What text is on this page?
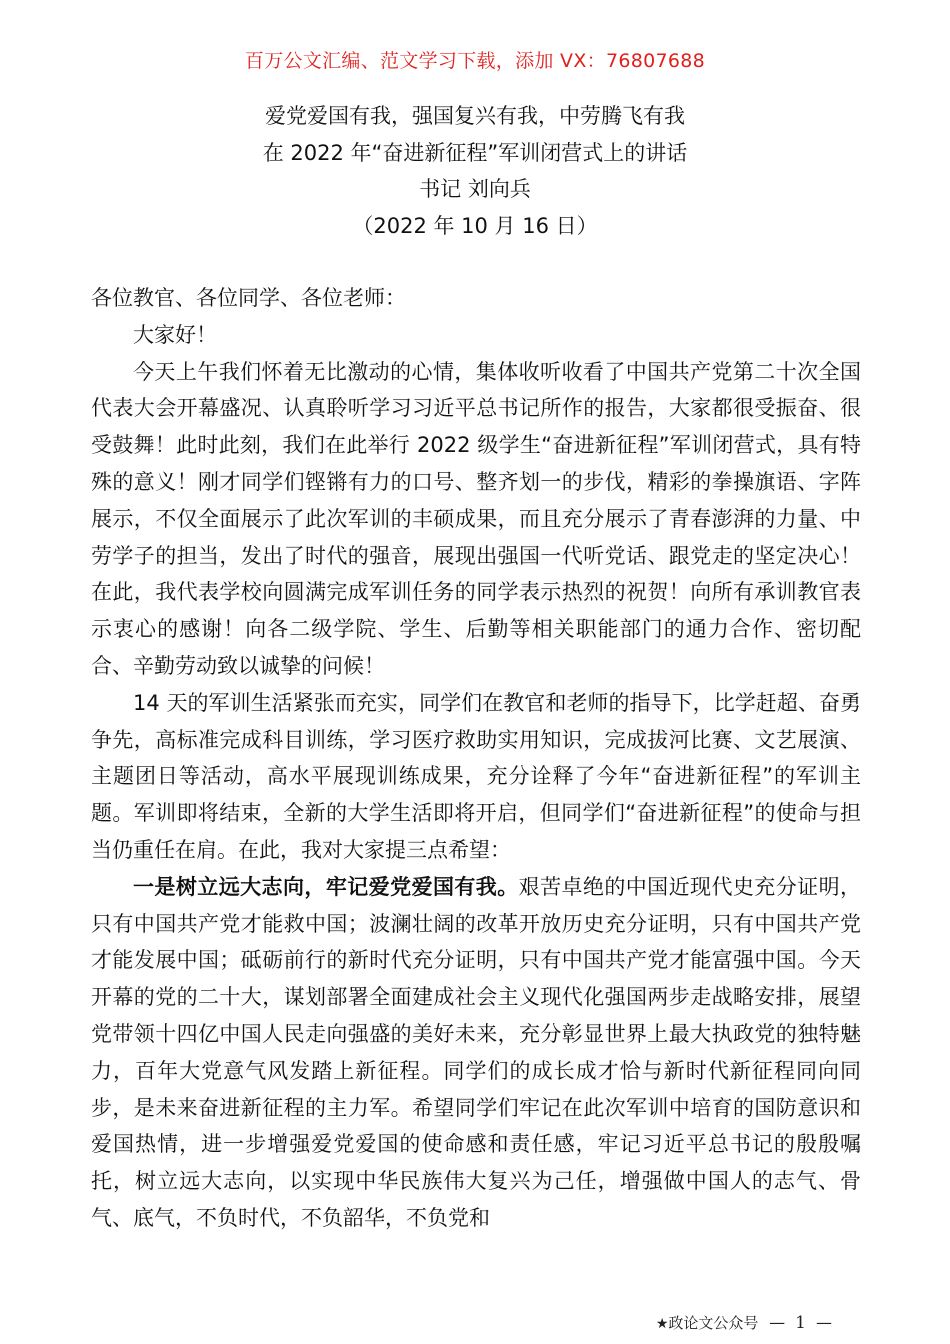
百万公文汇编、范文学习下载，添加 VX：76807688
爱党爱国有我，强国复兴有我，中劳腾飞有我
在 2022 年“奋进新征程”军训闭营式上的讲话
书记 刘向兵
（2022 年 10 月 16 日）

各位教官、各位同学、各位老师：

大家好！

今天上午我们怀着无比激动的心情，集体收听收看了中国共产党第二十次全国代表大会开幕盛况、认真聆听学习习近平总书记所作的报告，大家都很受振奋、很受鼓舞！此时此刻，我们在此举行 2022 级学生“奋进新征程”军训闭营式，具有特殊的意义！刚才同学们铿锵有力的口号、整齐划一的步伐，精彩的拳操旗语、字阵展示，不仅全面展示了此次军训的丰硕成果，而且充分展示了青春澎湃的力量、中劳学子的担当，发出了时代的强音，展现出强国一代听党话、跟党走的坚定决心！在此，我代表学校向圆满完成军训任务的同学表示热烈的祝贺！向所有承训教官表示衷心的感谢！向各二级学院、学生、后勤等相关职能部门的通力合作、密切配合、辛勤劳动致以诚挚的问候！

14 天的军训生活紧张而充实，同学们在教官和老师的指导下，比学赶超、奋勇争先，高标准完成科目训练，学习医疗救助实用知识，完成拔河比赛、文艺展演、主题团日等活动，高水平展现训练成果，充分诠释了今年“奋进新征程”的军训主题。军训即将结束，全新的大学生活即将开启，但同学们“奋进新征程”的使命与担当仍重任在肩。在此，我对大家提三点希望：

一是树立远大志向，牢记爱党爱国有我。艰苦卓绝的中国近现代史充分证明，只有中国共产党才能救中国；波澜壮阔的改革开放历史充分证明，只有中国共产党才能发展中国；砥砺前行的新时代充分证明，只有中国共产党才能富强中国。今天开幕的党的二十大，谋划部署全面建成社会主义现代化强国两步走战略安排，展望党带领十四亿中国人民走向强盛的美好未来，充分彰显世界上最大执政党的独特魅力，百年大党意气风发踏上新征程。同学们的成长成才恰与新时代新征程同向同步，是未来奋进新征程的主力军。希望同学们牢记在此次军训中培育的国防意识和爱国热情，进一步增强爱党爱国的使命感和责任感，牢记习近平总书记的殷殷嘱托，树立远大志向，以实现中华民族伟大复兴为己任，增强做中国人的志气、骨气、底气，不负时代，不负韶华，不负党和

★政论文公众号 — 1 —
